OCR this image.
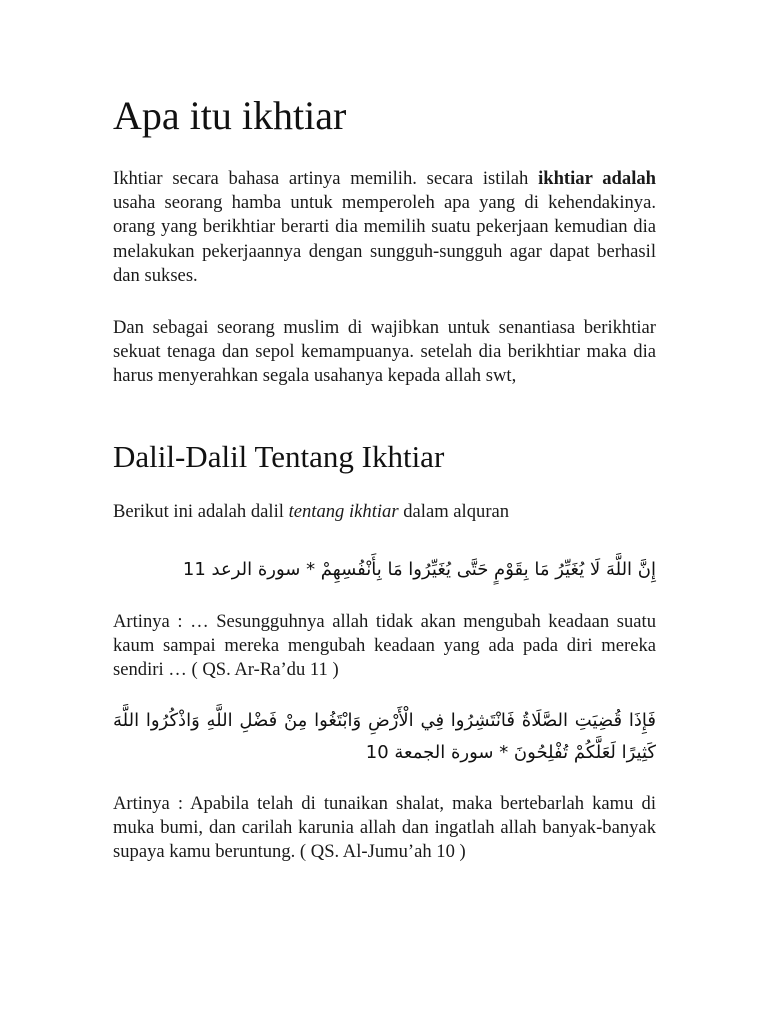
Apa itu ikhtiar

Ikhtiar secara bahasa artinya memilih. secara istilah ikhtiar adalah usaha seorang hamba untuk memperoleh apa yang di kehendakinya. orang yang berikhtiar berarti dia memilih suatu pekerjaan kemudian dia melakukan pekerjaannya dengan sungguh-sungguh agar dapat berhasil dan sukses.

Dan sebagai seorang muslim di wajibkan untuk senantiasa berikhtiar sekuat tenaga dan sepol kemampuanya. setelah dia berikhtiar maka dia harus menyerahkan segala usahanya kepada allah swt,

Dalil-Dalil Tentang Ikhtiar

Berikut ini adalah dalil tentang ikhtiar dalam alquran

إِنَّ اللَّهَ لَا يُغَيِّرُ مَا بِقَوْمٍ حَتَّى يُغَيِّرُوا مَا بِأَنْفُسِهِمْ * سورة الرعد 11

Artinya : … Sesungguhnya allah tidak akan mengubah keadaan suatu kaum sampai mereka mengubah keadaan yang ada pada diri mereka sendiri … ( QS. Ar-Ra’du 11 )

فَإِذَا قُضِيَتِ الصَّلَاةُ فَانْتَشِرُوا فِي الْأَرْضِ وَابْتَغُوا مِنْ فَضْلِ اللَّهِ وَاذْكُرُوا اللَّهَ كَثِيرًا لَعَلَّكُمْ تُفْلِحُونَ * سورة الجمعة 10

Artinya : Apabila telah di tunaikan shalat, maka bertebarlah kamu di muka bumi, dan carilah karunia allah dan ingatlah allah banyak-banyak supaya kamu beruntung. ( QS. Al-Jumu’ah 10 )
